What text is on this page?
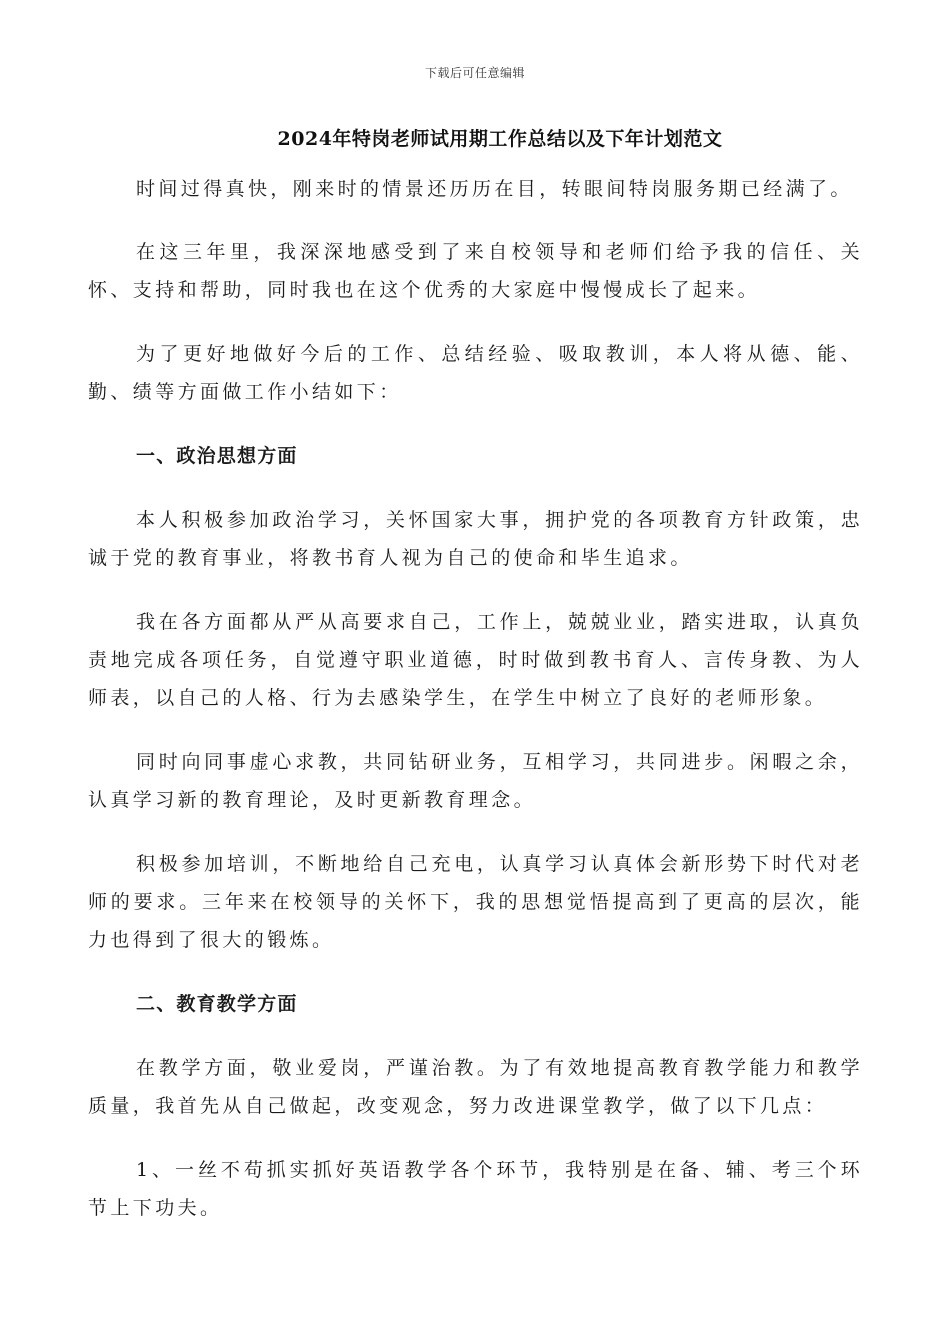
下载后可任意编辑
2024年特岗老师试用期工作总结以及下年计划范文

时间过得真快，刚来时的情景还历历在目，转眼间特岗服务期已经满了。

在这三年里，我深深地感受到了来自校领导和老师们给予我的信任、关怀、支持和帮助，同时我也在这个优秀的大家庭中慢慢成长了起来。

为了更好地做好今后的工作、总结经验、吸取教训，本人将从德、能、勤、绩等方面做工作小结如下：

一、政治思想方面

本人积极参加政治学习，关怀国家大事，拥护党的各项教育方针政策，忠诚于党的教育事业，将教书育人视为自己的使命和毕生追求。

我在各方面都从严从高要求自己，工作上，兢兢业业，踏实进取，认真负责地完成各项任务，自觉遵守职业道德，时时做到教书育人、言传身教、为人师表，以自己的人格、行为去感染学生，在学生中树立了良好的老师形象。

同时向同事虚心求教，共同钻研业务，互相学习，共同进步。闲暇之余，认真学习新的教育理论，及时更新教育理念。

积极参加培训，不断地给自己充电，认真学习认真体会新形势下时代对老师的要求。三年来在校领导的关怀下，我的思想觉悟提高到了更高的层次，能力也得到了很大的锻炼。

二、教育教学方面

在教学方面，敬业爱岗，严谨治教。为了有效地提高教育教学能力和教学质量，我首先从自己做起，改变观念，努力改进课堂教学，做了以下几点：

1、一丝不苟抓实抓好英语教学各个环节，我特别是在备、辅、考三个环节上下功夫。
